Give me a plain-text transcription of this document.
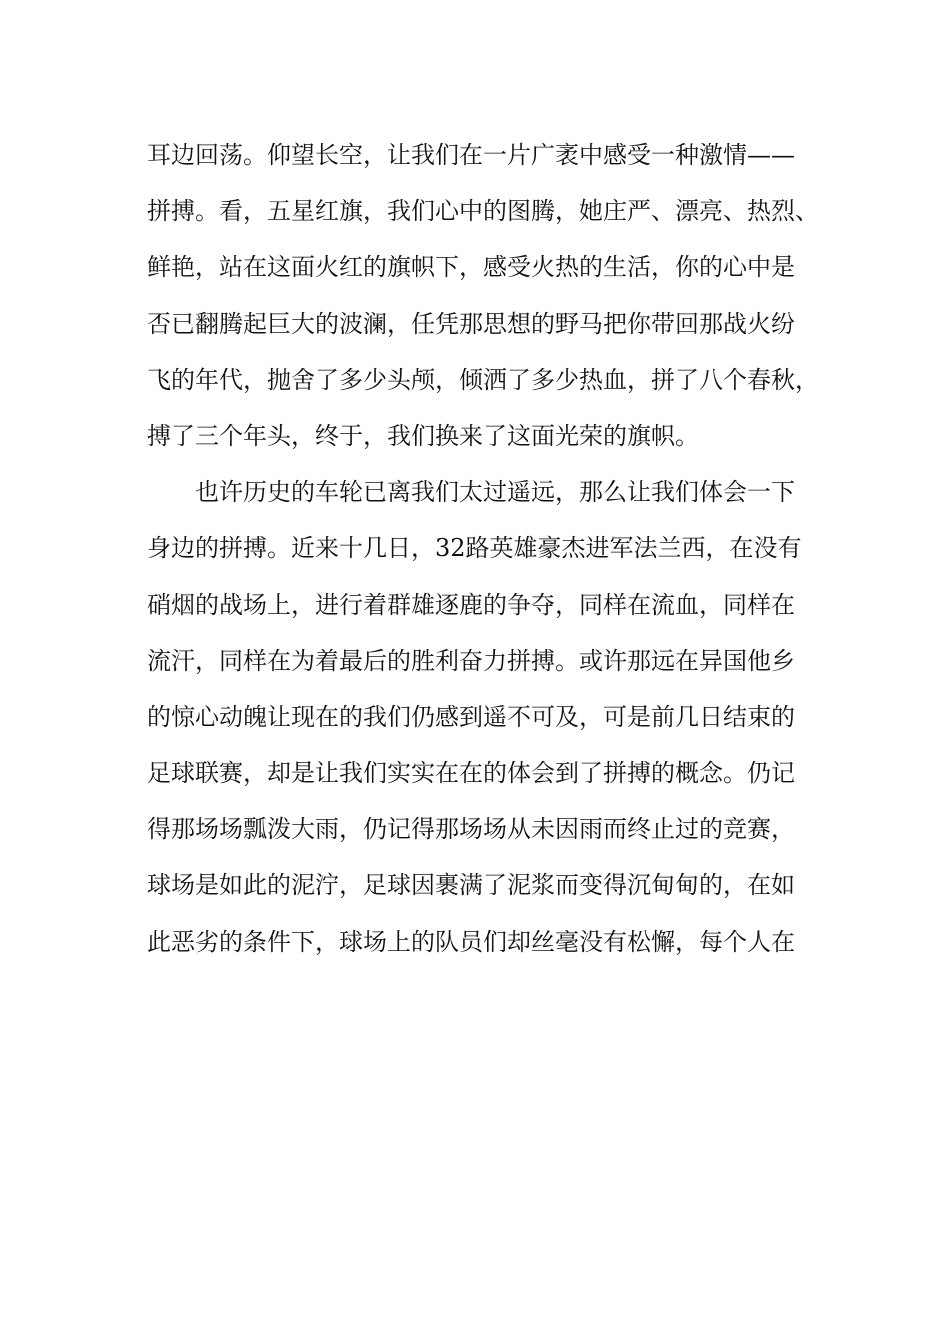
耳边回荡。仰望长空，让我们在一片广袤中感受一种激情——

拼搏。看，五星红旗，我们心中的图腾，她庄严、漂亮、热烈、

鲜艳，站在这面火红的旗帜下，感受火热的生活，你的心中是

否已翻腾起巨大的波澜，任凭那思想的野马把你带回那战火纷

飞的年代，抛舍了多少头颅，倾洒了多少热血，拼了八个春秋，

搏了三个年头，终于，我们换来了这面光荣的旗帜。

也许历史的车轮已离我们太过遥远，那么让我们体会一下

身边的拼搏。近来十几日，32路英雄豪杰进军法兰西，在没有

硝烟的战场上，进行着群雄逐鹿的争夺，同样在流血，同样在

流汗，同样在为着最后的胜利奋力拼搏。或许那远在异国他乡

的惊心动魄让现在的我们仍感到遥不可及，可是前几日结束的

足球联赛，却是让我们实实在在的体会到了拼搏的概念。仍记

得那场场瓢泼大雨，仍记得那场场从未因雨而终止过的竞赛，

球场是如此的泥泞，足球因裹满了泥浆而变得沉甸甸的，在如

此恶劣的条件下，球场上的队员们却丝毫没有松懈，每个人在
